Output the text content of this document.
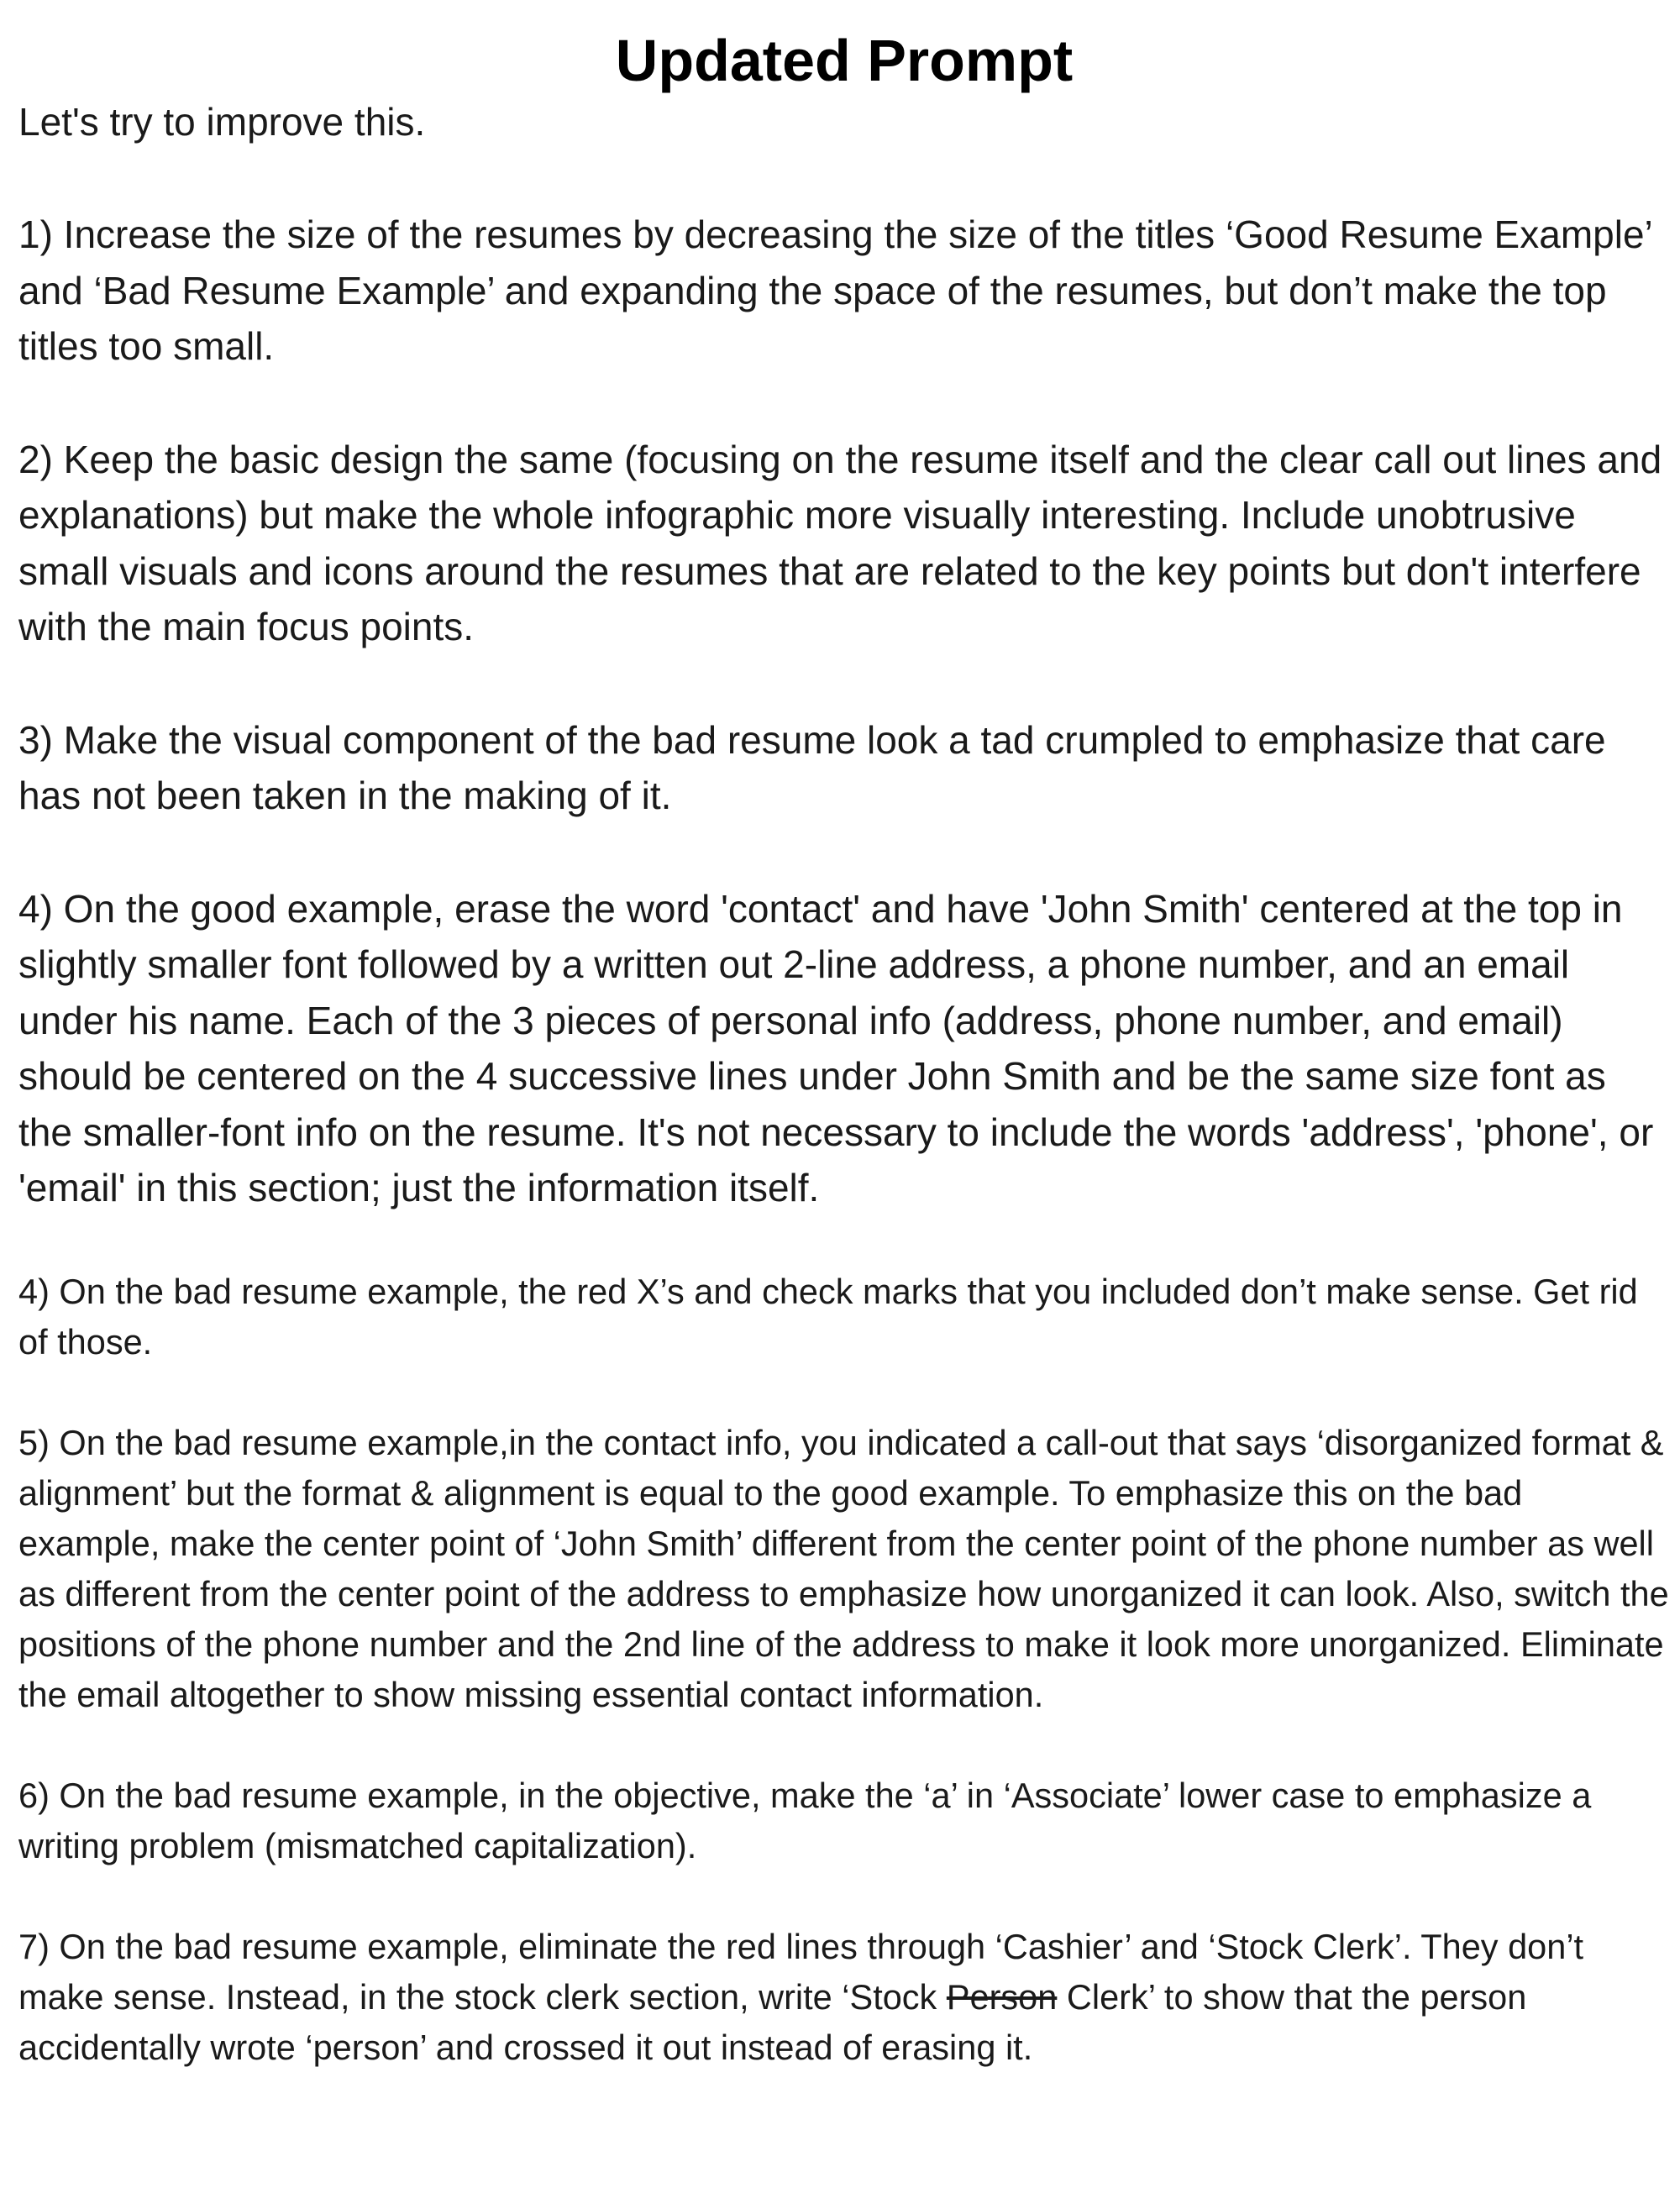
Updated Prompt

Let's try to improve this.

1) Increase the size of the resumes by decreasing the size of the titles ‘Good Resume Example’ and ‘Bad Resume Example’ and expanding the space of the resumes, but don’t make the top titles too small.

2) Keep the basic design the same (focusing on the resume itself and the clear call out lines and explanations) but make the whole infographic more visually interesting. Include unobtrusive small visuals and icons around the resumes that are related to the key points but don't interfere with the main focus points.

3) Make the visual component of the bad resume look a tad crumpled to emphasize that care has not been taken in the making of it.

4) On the good example, erase the word 'contact' and have 'John Smith' centered at the top in slightly smaller font followed by a written out 2-line address, a phone number, and an email under his name. Each of the 3 pieces of personal info (address, phone number, and email) should be centered on the 4 successive lines under John Smith and be the same size font as the smaller-font info on the resume. It's not necessary to include the words 'address', 'phone', or 'email' in this section; just the information itself.

4) On the bad resume example, the red X’s and check marks that you included don’t make sense. Get rid of those.

5) On the bad resume example,in the contact info, you indicated a call-out that says ‘disorganized format & alignment’ but the format & alignment is equal to the good example. To emphasize this on the bad example, make the center point of ‘John Smith’ different from the center point of the phone number as well as different from the center point of the address to emphasize how unorganized it can look. Also, switch the positions of the phone number and the 2nd line of the address to make it look more unorganized. Eliminate the email altogether to show missing essential contact information.

6) On the bad resume example, in the objective, make the ‘a’ in ‘Associate’ lower case to emphasize a writing problem (mismatched capitalization).

7) On the bad resume example, eliminate the red lines through ‘Cashier’ and ‘Stock Clerk’. They don’t make sense. Instead, in the stock clerk section, write ‘Stock Person Clerk’ to show that the person accidentally wrote ‘person’ and crossed it out instead of erasing it.
